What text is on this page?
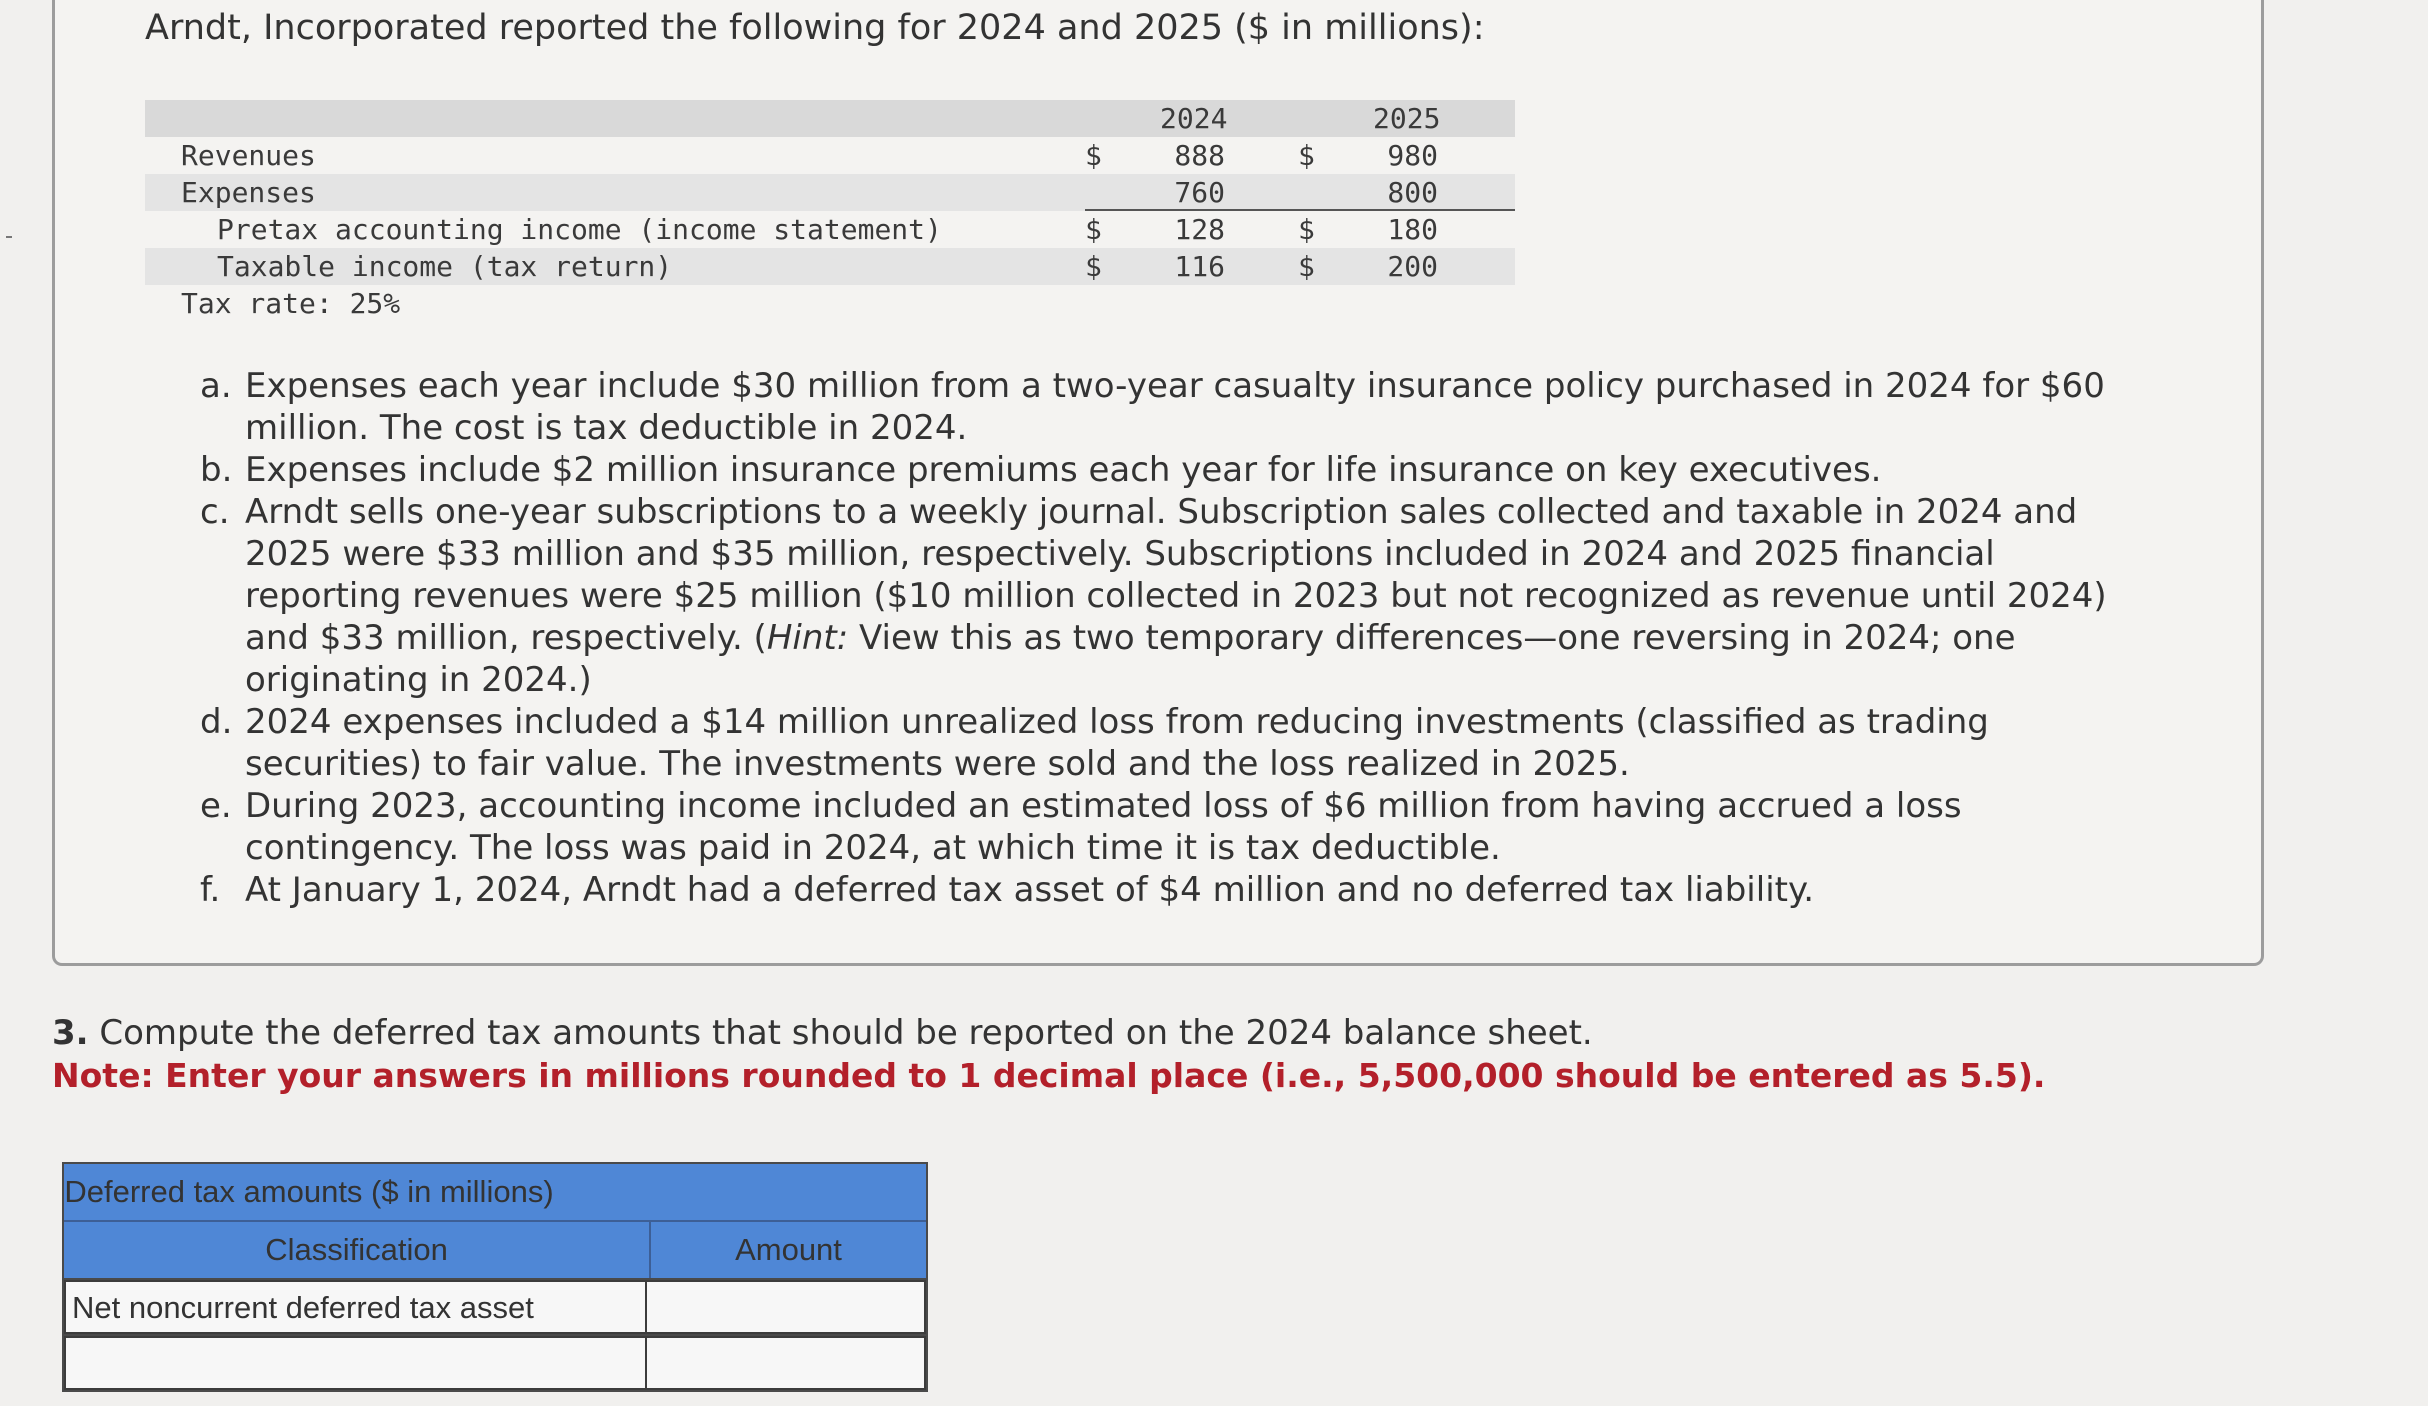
Arndt, Incorporated reported the following for 2024 and 2025 ($ in millions):
2024	2025
Revenues	$	888	$	980
Expenses	760	800
Pretax accounting income (income statement)	$	128	$	180
Taxable income (tax return)	$	116	$	200
Tax rate: 25%
a. Expenses each year include $30 million from a two-year casualty insurance policy purchased in 2024 for $60 million. The cost is tax deductible in 2024.
b. Expenses include $2 million insurance premiums each year for life insurance on key executives.
c. Arndt sells one-year subscriptions to a weekly journal. Subscription sales collected and taxable in 2024 and 2025 were $33 million and $35 million, respectively. Subscriptions included in 2024 and 2025 financial reporting revenues were $25 million ($10 million collected in 2023 but not recognized as revenue until 2024) and $33 million, respectively. (Hint: View this as two temporary differences—one reversing in 2024; one originating in 2024.)
d. 2024 expenses included a $14 million unrealized loss from reducing investments (classified as trading securities) to fair value. The investments were sold and the loss realized in 2025.
e. During 2023, accounting income included an estimated loss of $6 million from having accrued a loss contingency. The loss was paid in 2024, at which time it is tax deductible.
f. At January 1, 2024, Arndt had a deferred tax asset of $4 million and no deferred tax liability.
3. Compute the deferred tax amounts that should be reported on the 2024 balance sheet.
Note: Enter your answers in millions rounded to 1 decimal place (i.e., 5,500,000 should be entered as 5.5).
Deferred tax amounts ($ in millions)
Classification	Amount
Net noncurrent deferred tax asset
